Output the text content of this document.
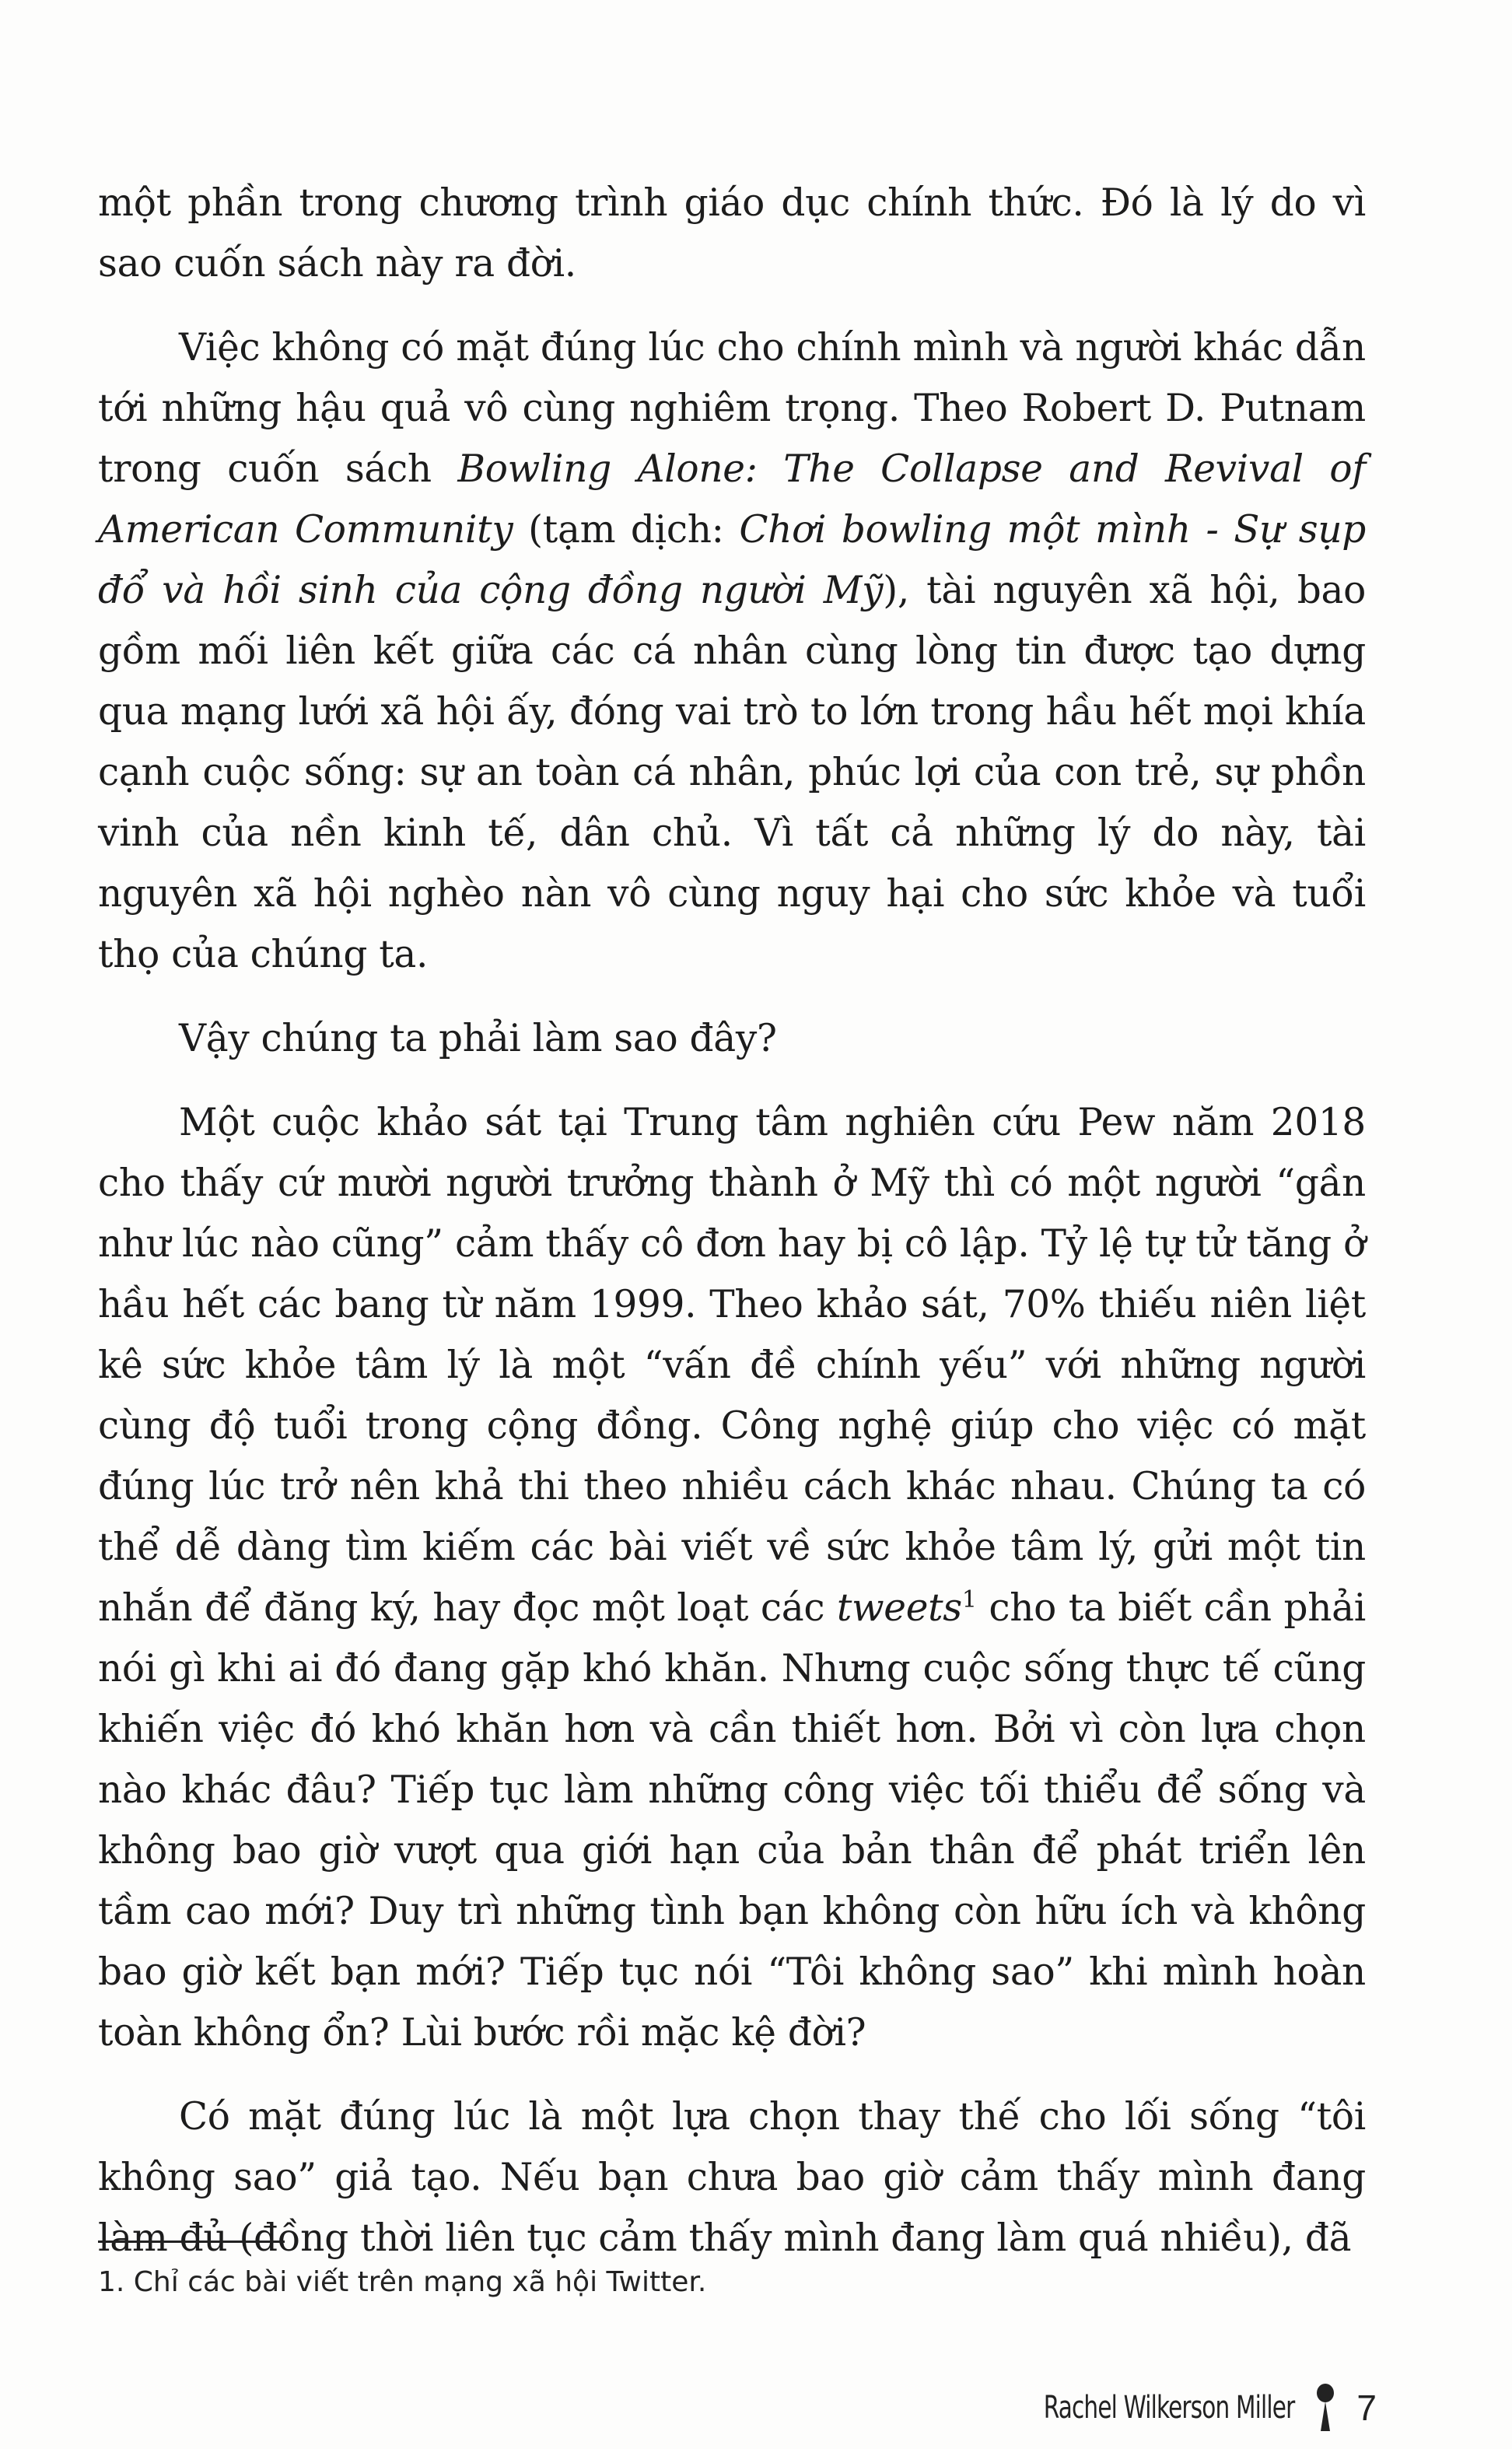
một phần trong chương trình giáo dục chính thức. Đó là lý do vì sao cuốn sách này ra đời.

Việc không có mặt đúng lúc cho chính mình và người khác dẫn tới những hậu quả vô cùng nghiêm trọng. Theo Robert D. Putnam trong cuốn sách Bowling Alone: The Collapse and Revival of American Community (tạm dịch: Chơi bowling một mình - Sự sụp đổ và hồi sinh của cộng đồng người Mỹ), tài nguyên xã hội, bao gồm mối liên kết giữa các cá nhân cùng lòng tin được tạo dựng qua mạng lưới xã hội ấy, đóng vai trò to lớn trong hầu hết mọi khía cạnh cuộc sống: sự an toàn cá nhân, phúc lợi của con trẻ, sự phồn vinh của nền kinh tế, dân chủ. Vì tất cả những lý do này, tài nguyên xã hội nghèo nàn vô cùng nguy hại cho sức khỏe và tuổi thọ của chúng ta.

Vậy chúng ta phải làm sao đây?

Một cuộc khảo sát tại Trung tâm nghiên cứu Pew năm 2018 cho thấy cứ mười người trưởng thành ở Mỹ thì có một người “gần như lúc nào cũng” cảm thấy cô đơn hay bị cô lập. Tỷ lệ tự tử tăng ở hầu hết các bang từ năm 1999. Theo khảo sát, 70% thiếu niên liệt kê sức khỏe tâm lý là một “vấn đề chính yếu” với những người cùng độ tuổi trong cộng đồng. Công nghệ giúp cho việc có mặt đúng lúc trở nên khả thi theo nhiều cách khác nhau. Chúng ta có thể dễ dàng tìm kiếm các bài viết về sức khỏe tâm lý, gửi một tin nhắn để đăng ký, hay đọc một loạt các tweets$^1$ cho ta biết cần phải nói gì khi ai đó đang gặp khó khăn. Nhưng cuộc sống thực tế cũng khiến việc đó khó khăn hơn và cần thiết hơn. Bởi vì còn lựa chọn nào khác đâu? Tiếp tục làm những công việc tối thiểu để sống và không bao giờ vượt qua giới hạn của bản thân để phát triển lên tầm cao mới? Duy trì những tình bạn không còn hữu ích và không bao giờ kết bạn mới? Tiếp tục nói “Tôi không sao” khi mình hoàn toàn không ổn? Lùi bước rồi mặc kệ đời?

Có mặt đúng lúc là một lựa chọn thay thế cho lối sống “tôi không sao” giả tạo. Nếu bạn chưa bao giờ cảm thấy mình đang làm đủ (đồng thời liên tục cảm thấy mình đang làm quá nhiều), đã

1. Chỉ các bài viết trên mạng xã hội Twitter.
Rachel Wilkerson Miller 7
